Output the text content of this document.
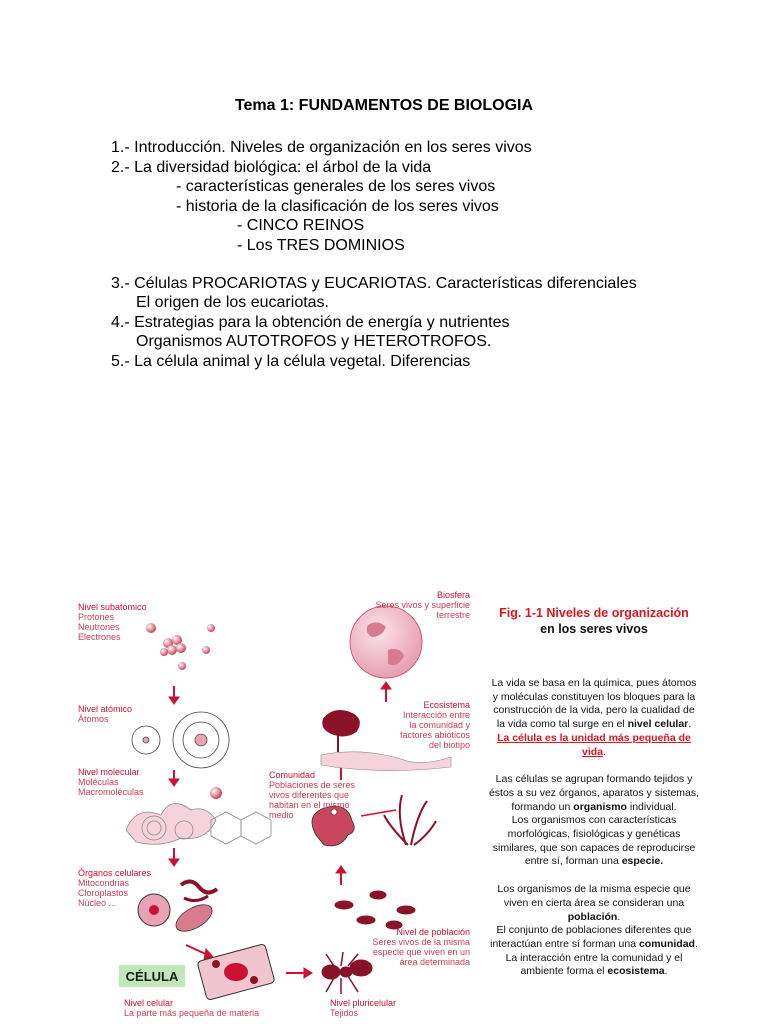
Tema 1: FUNDAMENTOS DE BIOLOGIA
1.- Introducción. Niveles de organización en los seres vivos
2.- La diversidad biológica: el árbol de la vida
- características generales de los seres vivos
- historia de la clasificación de los seres vivos
- CINCO REINOS
- Los TRES DOMINIOS
3.- Células PROCARIOTAS y EUCARIOTAS. Características diferenciales
El origen de los eucariotas.
4.- Estrategias para la obtención de energía y nutrientes
Organismos AUTOTROFOS y HETEROTROFOS.
5.- La célula animal y la célula vegetal. Diferencias
Nivel subatómico
Protones
Neutrones
Electrones
Nivel atómico
Átomos
Nivel molecular
Moléculas
Macromoléculas
Órganos celulares
Mitocondrias
Cloroplastos
Núcleo ...
CÉLULA
Nivel celular
La parte más pequeña de materia
Biosfera
Seres vivos y superficie
terrestre
Ecosistema
Interacción entre
la comunidad y
factores abióticos
del biotipo
Comunidad
Poblaciones de seres
vivos diferentes que
habitan en el mismo
medio
Nivel de población
Seres vivos de la misma
especie que viven en un
área determinada
Nivel pluricelular
Tejidos
Fig. 1-1 Niveles de organización
en los seres vivos
La vida se basa en la química, pues átomos y moléculas constituyen los bloques para la construcción de la vida, pero la cualidad de la vida como tal surge en el nivel celular.
La célula es la unidad más pequeña de vida.
Las células se agrupan formando tejidos y éstos a su vez órganos, aparatos y sistemas, formando un organismo individual.
Los organismos con características morfológicas, fisiológicas y genéticas similares, que son capaces de reproducirse entre sí, forman una especie.
Los organismos de la misma especie que viven en cierta área se consideran una población.
El conjunto de poblaciones diferentes que interactúan entre sí forman una comunidad. La interacción entre la comunidad y el ambiente forma el ecosistema.
